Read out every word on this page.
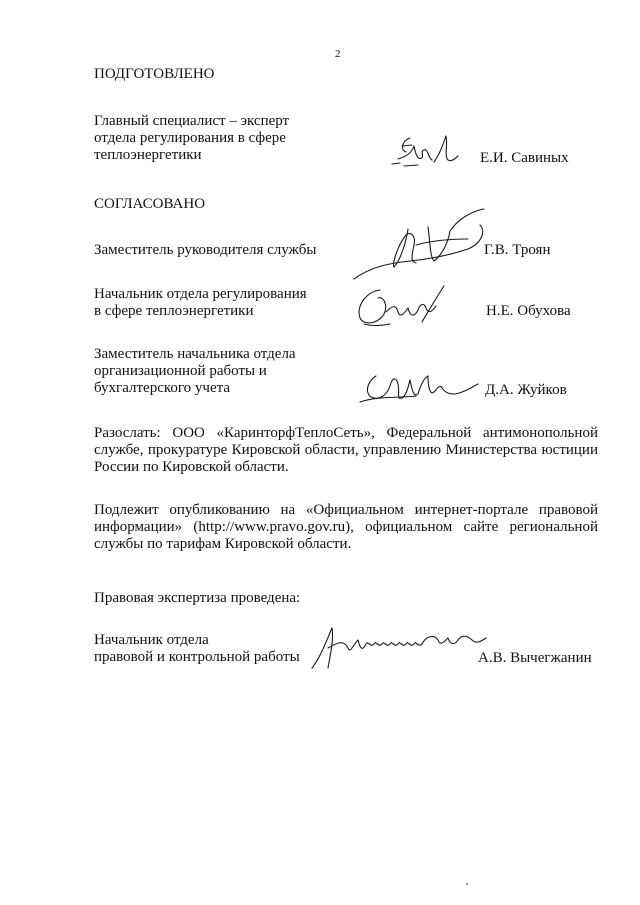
2
ПОДГОТОВЛЕНО
Главный специалист – эксперт
отдела регулирования в сфере
теплоэнергетики	Е.И. Савиных
СОГЛАСОВАНО
Заместитель руководителя службы	Г.В. Троян
Начальник отдела регулирования
в сфере теплоэнергетики	Н.Е. Обухова
Заместитель начальника отдела
организационной работы и
бухгалтерского учета	Д.А. Жуйков
Разослать: ООО «КаринторфТеплоСеть», Федеральной антимонопольной службе, прокуратуре Кировской области, управлению Министерства юстиции России по Кировской области.
Подлежит опубликованию на «Официальном интернет-портале правовой информации» (http://www.pravo.gov.ru), официальном сайте региональной службы по тарифам Кировской области.
Правовая экспертиза проведена:
Начальник отдела
правовой и контрольной работы	А.В. Вычегжанин
